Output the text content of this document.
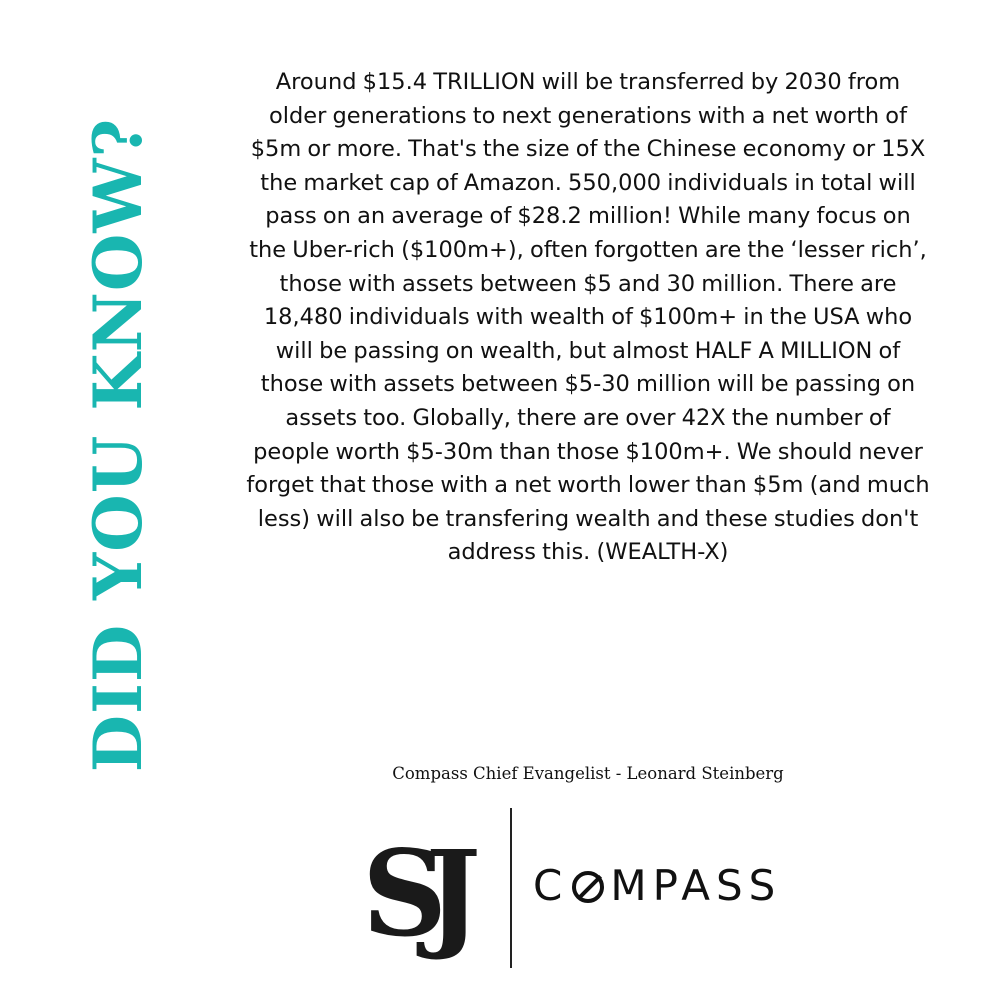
DID YOU KNOW?
Around $15.4 TRILLION will be transferred by 2030 from older generations to next generations with a net worth of $5m or more. That's the size of the Chinese economy or 15X the market cap of Amazon. 550,000 individuals in total will pass on an average of $28.2 million! While many focus on the Uber-rich ($100m+), often forgotten are the ‘lesser rich’, those with assets between $5 and 30 million. There are 18,480 individuals with wealth of $100m+ in the USA who will be passing on wealth, but almost HALF A MILLION of those with assets between $5-30 million will be passing on assets too. Globally, there are over 42X the number of people worth $5-30m than those $100m+. We should never forget that those with a net worth lower than $5m (and much less) will also be transfering wealth and these studies don't address this. (WEALTH-X)
Compass Chief Evangelist - Leonard Steinberg
SJ	C MPASS
